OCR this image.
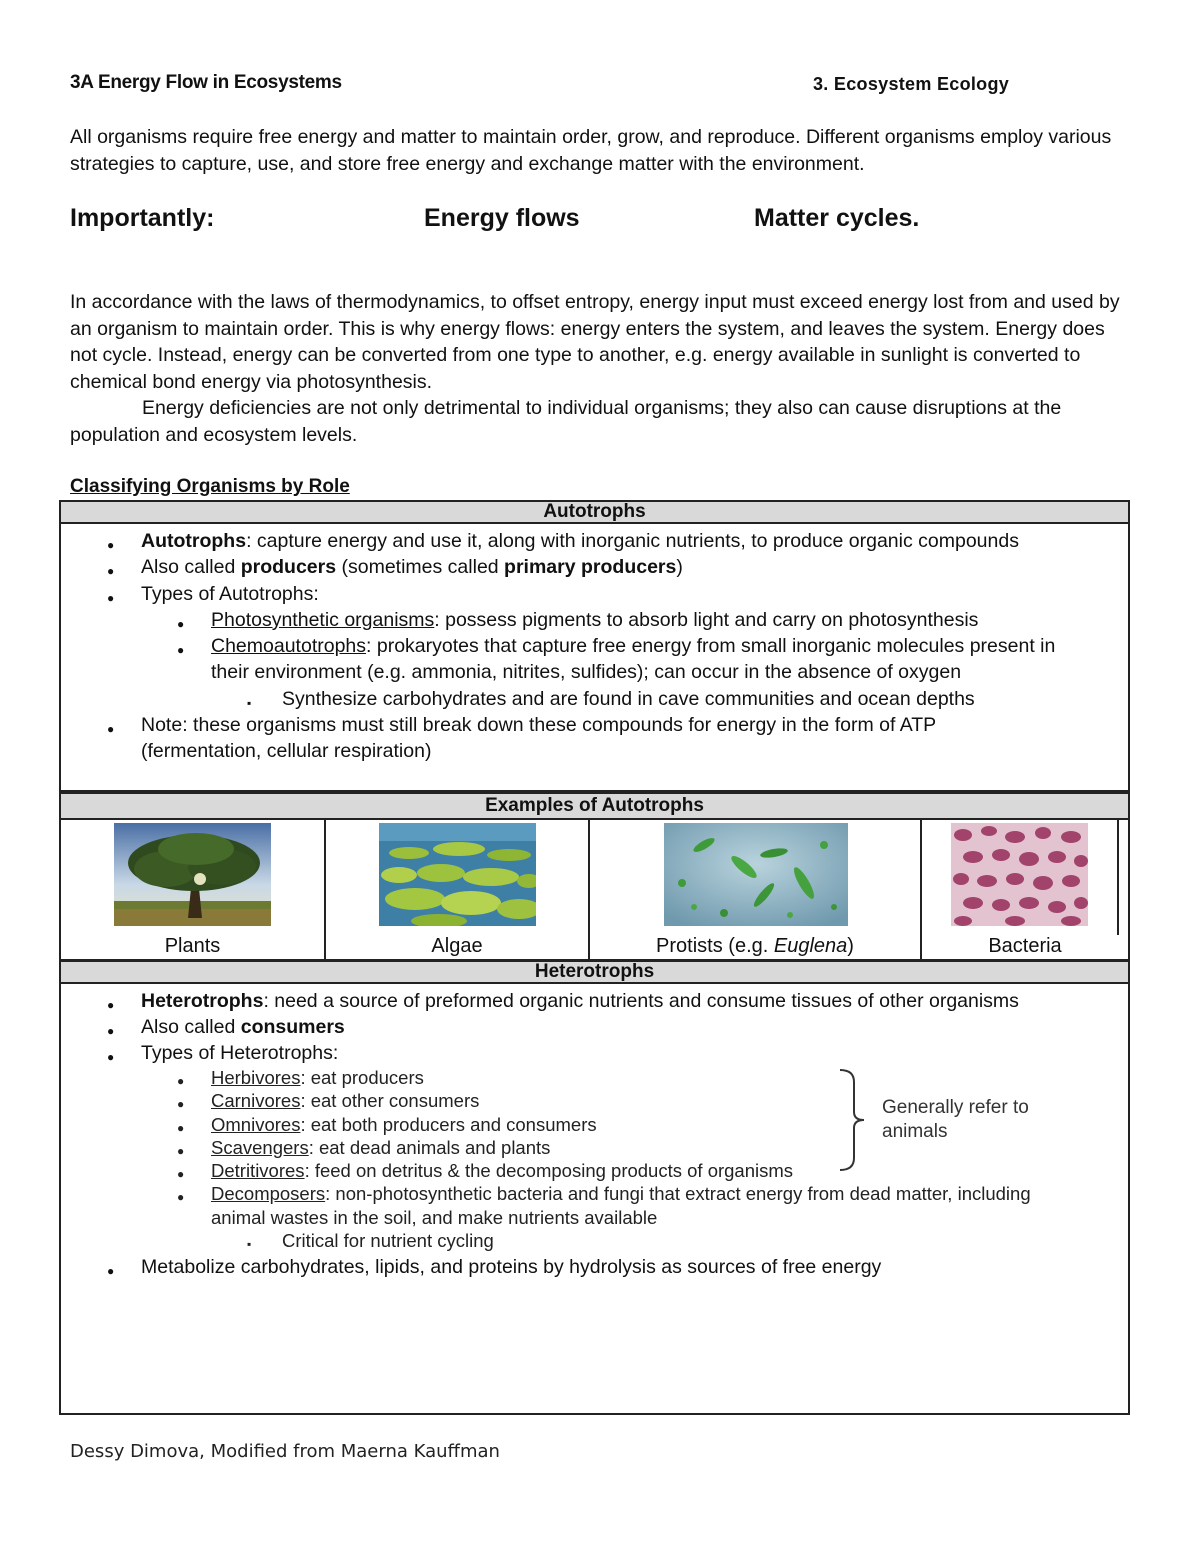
3A Energy Flow in Ecosystems	3. Ecosystem Ecology
All organisms require free energy and matter to maintain order, grow, and reproduce. Different organisms employ various strategies to capture, use, and store free energy and exchange matter with the environment.
Importantly:	Energy flows	Matter cycles.

In accordance with the laws of thermodynamics, to offset entropy, energy input must exceed energy lost from and used by an organism to maintain order. This is why energy flows: energy enters the system, and leaves the system. Energy does not cycle. Instead, energy can be converted from one type to another, e.g. energy available in sunlight is converted to chemical bond energy via photosynthesis.

Energy deficiencies are not only detrimental to individual organisms; they also can cause disruptions at the population and ecosystem levels.

Classifying Organisms by Role
Autotrophs
● Autotrophs: capture energy and use it, along with inorganic nutrients, to produce organic compounds
● Also called producers (sometimes called primary producers)
● Types of Autotrophs:
● Photosynthetic organisms: possess pigments to absorb light and carry on photosynthesis
● Chemoautotrophs: prokaryotes that capture free energy from small inorganic molecules present in their environment (e.g. ammonia, nitrites, sulfides); can occur in the absence of oxygen
▪ Synthesize carbohydrates and are found in cave communities and ocean depths
● Note: these organisms must still break down these compounds for energy in the form of ATP (fermentation, cellular respiration)
Examples of Autotrophs
Plants	Algae	Protists (e.g. Euglena)	Bacteria
Heterotrophs
● Heterotrophs: need a source of preformed organic nutrients and consume tissues of other organisms
● Also called consumers
● Types of Heterotrophs:
● Herbivores: eat producers
● Carnivores: eat other consumers
● Omnivores: eat both producers and consumers
● Scavengers: eat dead animals and plants
● Detritivores: feed on detritus & the decomposing products of organisms
● Decomposers: non-photosynthetic bacteria and fungi that extract energy from dead matter, including animal wastes in the soil, and make nutrients available
▪ Critical for nutrient cycling
● Metabolize carbohydrates, lipids, and proteins by hydrolysis as sources of free energy
Generally refer to animals
Dessy Dimova, Modified from Maerna Kauffman
